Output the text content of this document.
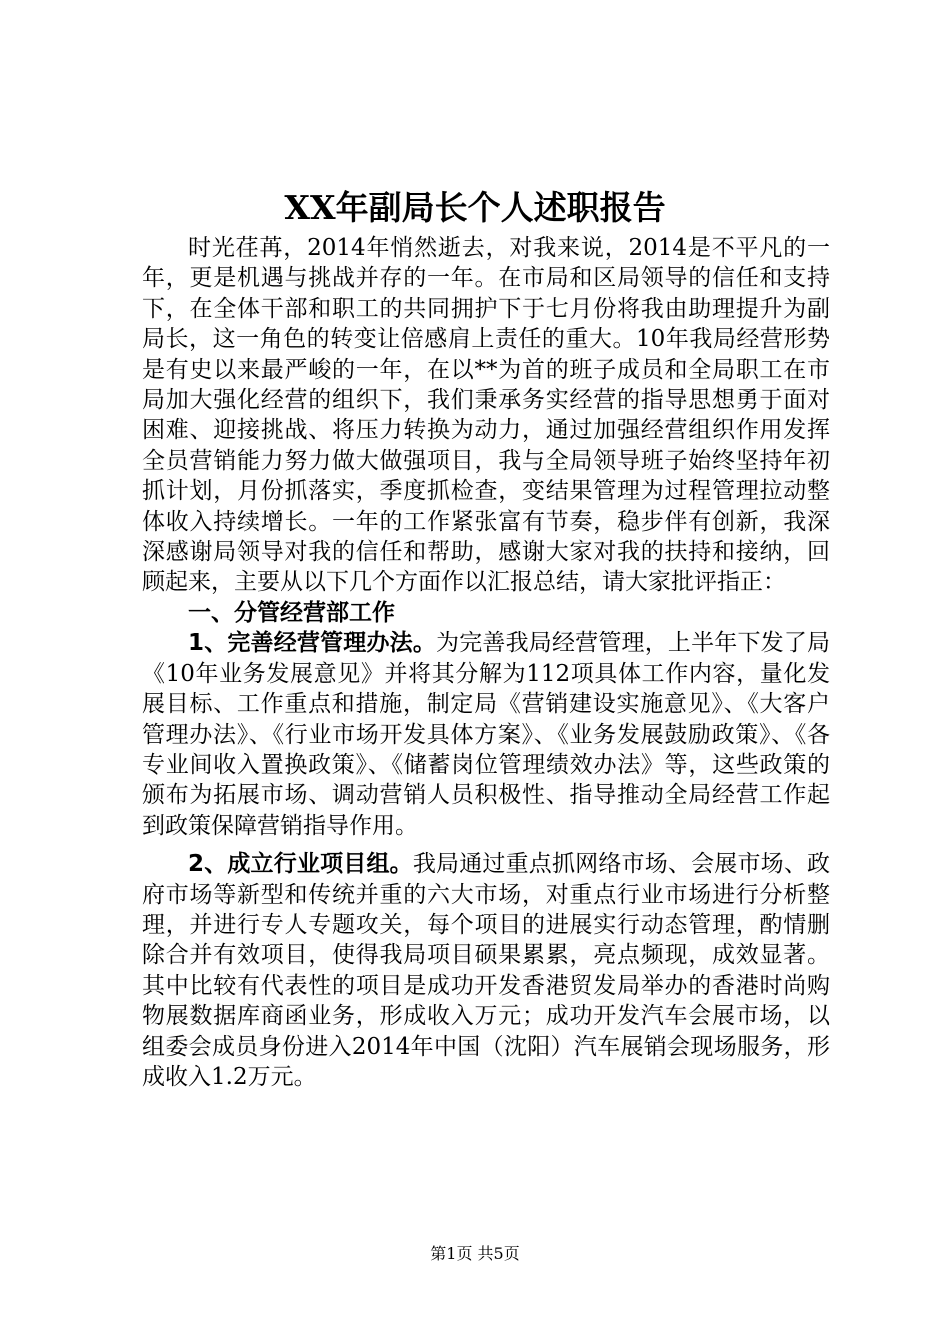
XX年副局长个人述职报告

时光荏苒，2014年悄然逝去，对我来说，2014是不平凡的一年，更是机遇与挑战并存的一年。在市局和区局领导的信任和支持下，在全体干部和职工的共同拥护下于七月份将我由助理提升为副局长，这一角色的转变让倍感肩上责任的重大。10年我局经营形势是有史以来最严峻的一年，在以**为首的班子成员和全局职工在市局加大强化经营的组织下，我们秉承务实经营的指导思想勇于面对困难、迎接挑战、将压力转换为动力，通过加强经营组织作用发挥全员营销能力努力做大做强项目，我与全局领导班子始终坚持年初抓计划，月份抓落实，季度抓检查，变结果管理为过程管理拉动整体收入持续增长。一年的工作紧张富有节奏，稳步伴有创新，我深深感谢局领导对我的信任和帮助，感谢大家对我的扶持和接纳，回顾起来，主要从以下几个方面作以汇报总结，请大家批评指正：

一、分管经营部工作

1、完善经营管理办法。为完善我局经营管理，上半年下发了局《10年业务发展意见》并将其分解为112项具体工作内容，量化发展目标、工作重点和措施，制定局《营销建设实施意见》、《大客户管理办法》、《行业市场开发具体方案》、《业务发展鼓励政策》、《各专业间收入置换政策》、《储蓄岗位管理绩效办法》等，这些政策的颁布为拓展市场、调动营销人员积极性、指导推动全局经营工作起到政策保障营销指导作用。

2、成立行业项目组。我局通过重点抓网络市场、会展市场、政府市场等新型和传统并重的六大市场，对重点行业市场进行分析整理，并进行专人专题攻关，每个项目的进展实行动态管理，酌情删除合并有效项目，使得我局项目硕果累累，亮点频现，成效显著。其中比较有代表性的项目是成功开发香港贸发局举办的香港时尚购物展数据库商函业务，形成收入万元；成功开发汽车会展市场，以组委会成员身份进入2014年中国（沈阳）汽车展销会现场服务，形成收入1.2万元。

第1页 共5页
